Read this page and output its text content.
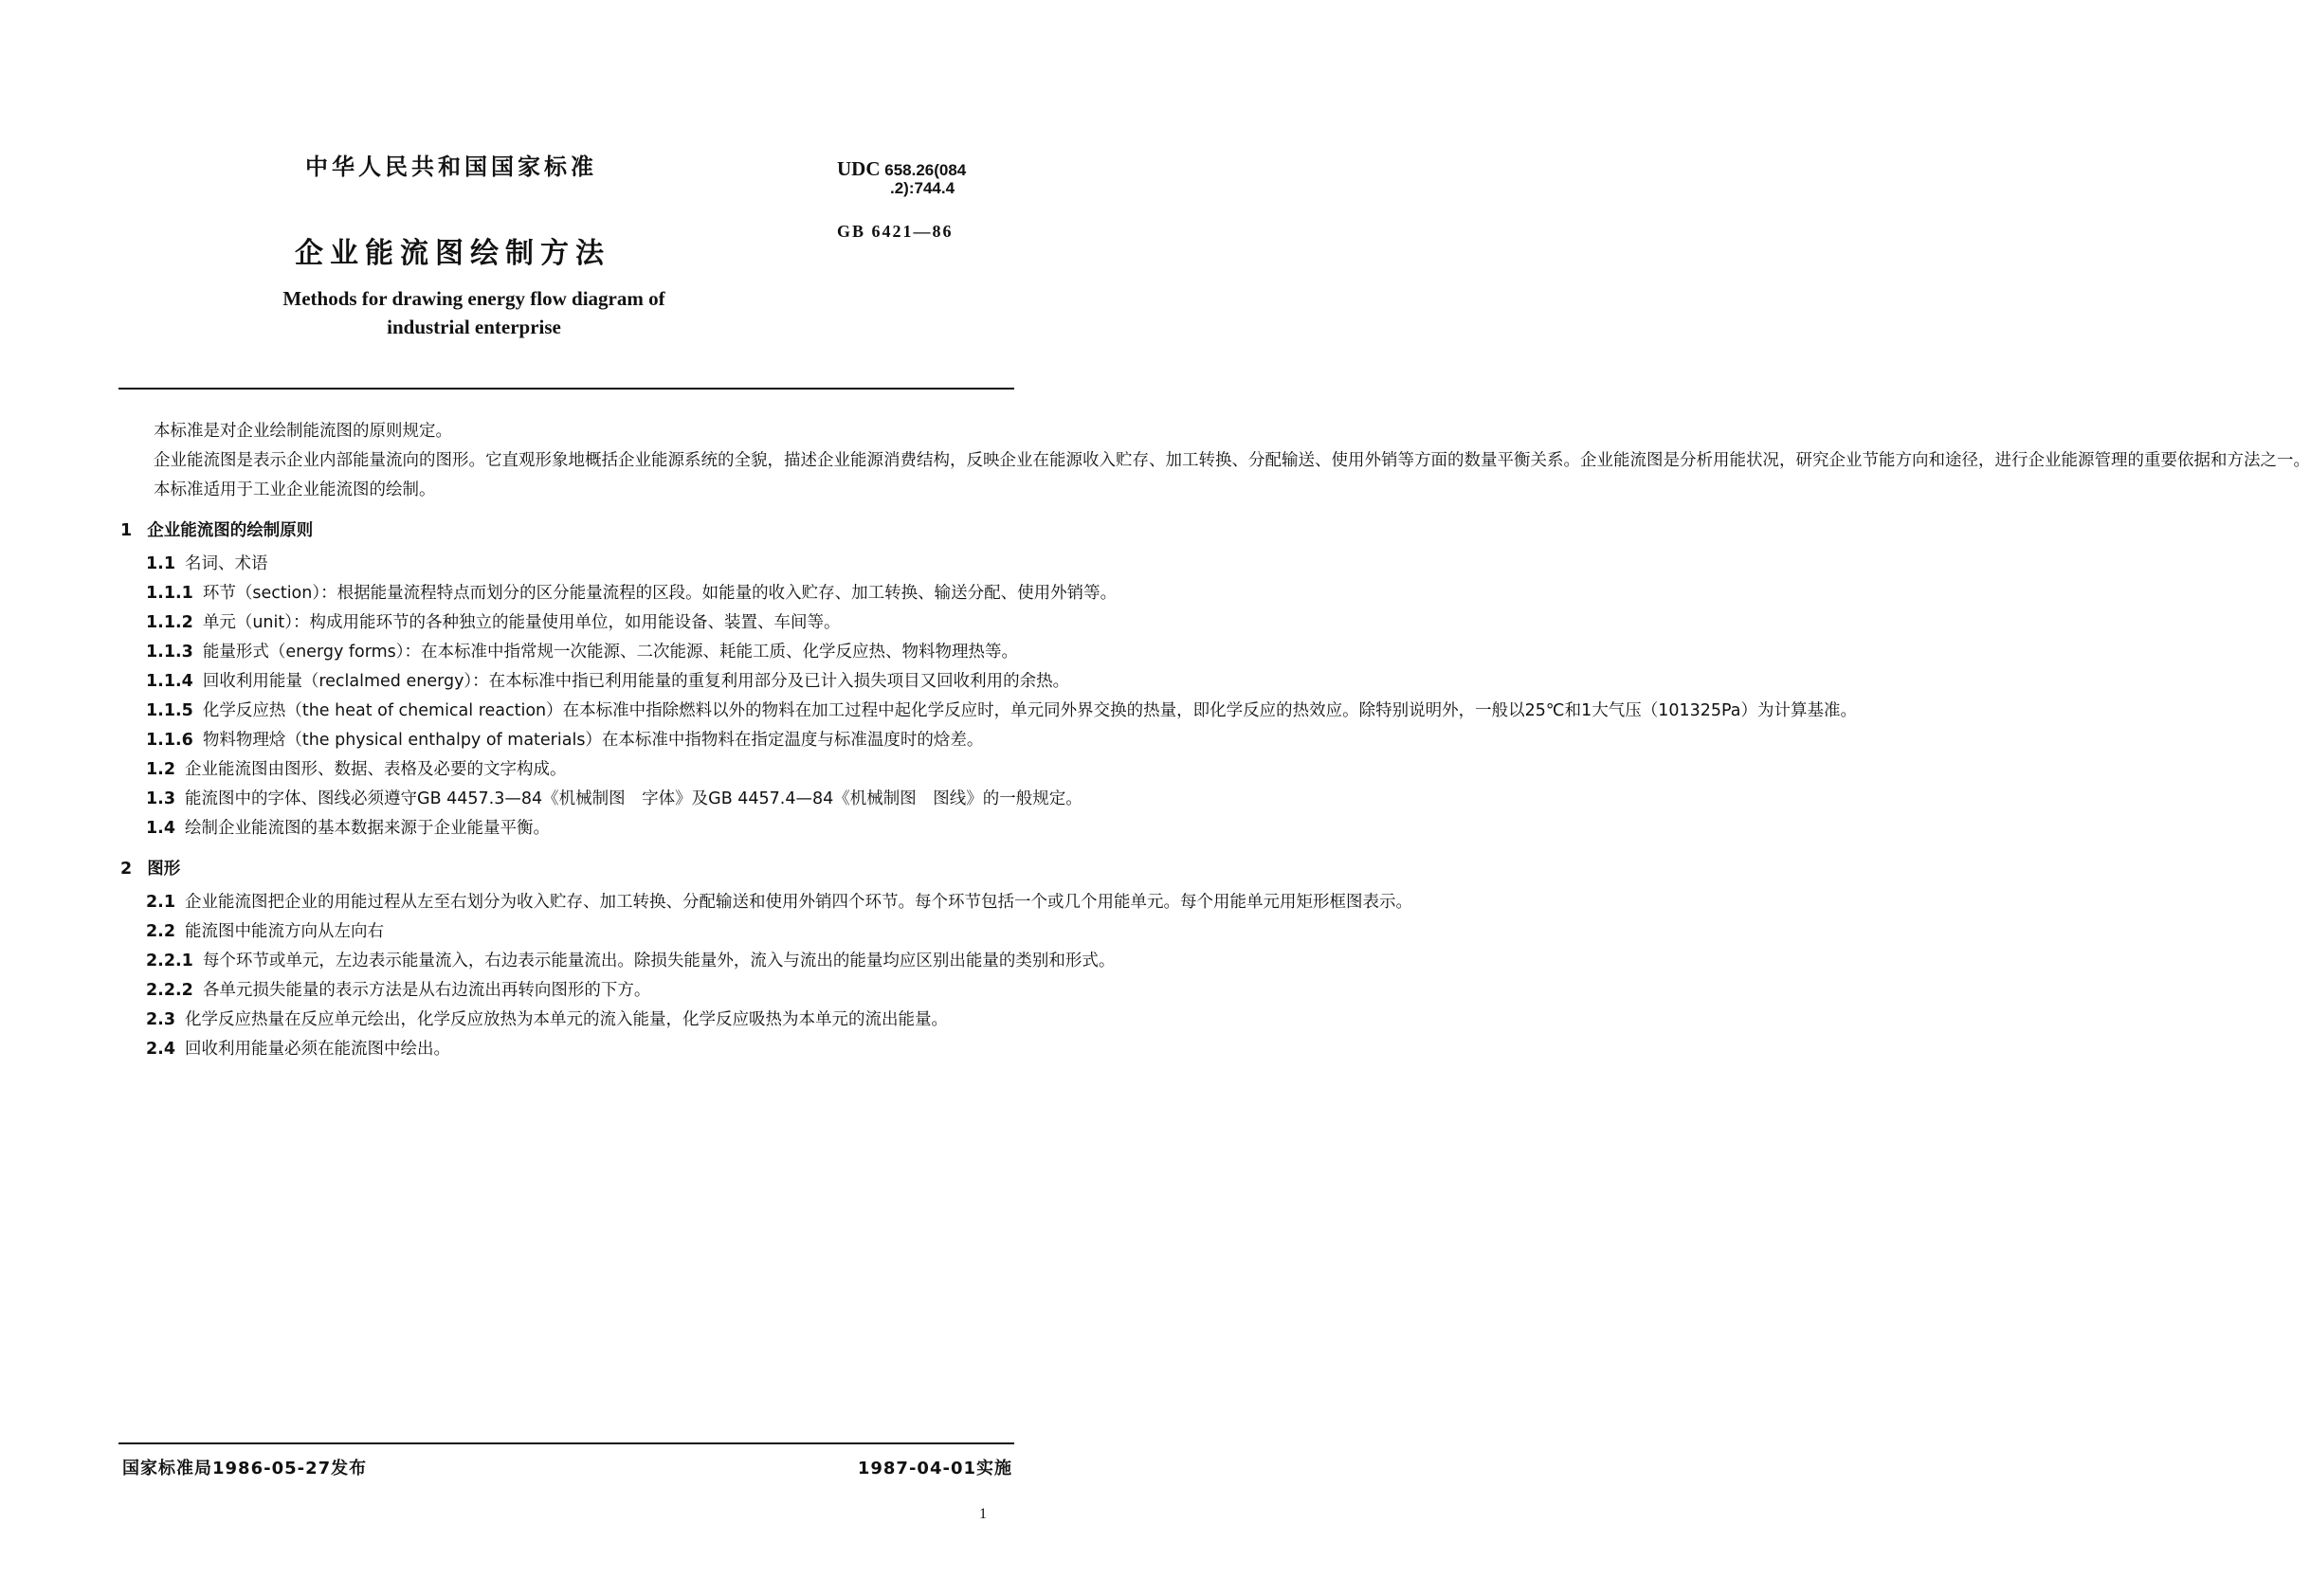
中华人民共和国国家标准	UDC 658.26(084
.2):744.4
GB 6421—86
企业能流图绘制方法
Methods for drawing energy flow diagram of industrial enterprise

本标准是对企业绘制能流图的原则规定。

企业能流图是表示企业内部能量流向的图形。它直观形象地概括企业能源系统的全貌，描述企业能源消费结构，反映企业在能源收入贮存、加工转换、分配输送、使用外销等方面的数量平衡关系。企业能流图是分析用能状况，研究企业节能方向和途径，进行企业能源管理的重要依据和方法之一。

本标准适用于工业企业能流图的绘制。

1 企业能流图的绘制原则
1.1 名词、术语
1.1.1 环节（section）：根据能量流程特点而划分的区分能量流程的区段。如能量的收入贮存、加工转换、输送分配、使用外销等。
1.1.2 单元（unit）：构成用能环节的各种独立的能量使用单位，如用能设备、装置、车间等。
1.1.3 能量形式（energy forms）：在本标准中指常规一次能源、二次能源、耗能工质、化学反应热、物料物理热等。
1.1.4 回收利用能量（reclalmed energy）：在本标准中指已利用能量的重复利用部分及已计入损失项目又回收利用的余热。
1.1.5 化学反应热（the heat of chemical reaction）在本标准中指除燃料以外的物料在加工过程中起化学反应时，单元同外界交换的热量，即化学反应的热效应。除特别说明外，一般以25℃和1大气压（101325Pa）为计算基准。
1.1.6 物料物理焓（the physical enthalpy of materials）在本标准中指物料在指定温度与标准温度时的焓差。
1.2 企业能流图由图形、数据、表格及必要的文字构成。
1.3 能流图中的字体、图线必须遵守GB 4457.3—84《机械制图　字体》及GB 4457.4—84《机械制图　图线》的一般规定。
1.4 绘制企业能流图的基本数据来源于企业能量平衡。
2 图形
2.1 企业能流图把企业的用能过程从左至右划分为收入贮存、加工转换、分配输送和使用外销四个环节。每个环节包括一个或几个用能单元。每个用能单元用矩形框图表示。
2.2 能流图中能流方向从左向右
2.2.1 每个环节或单元，左边表示能量流入，右边表示能量流出。除损失能量外，流入与流出的能量均应区别出能量的类别和形式。
2.2.2 各单元损失能量的表示方法是从右边流出再转向图形的下方。
2.3 化学反应热量在反应单元绘出，化学反应放热为本单元的流入能量，化学反应吸热为本单元的流出能量。
2.4 回收利用能量必须在能流图中绘出。
国家标准局1986-05-27发布	1987-04-01实施
1
